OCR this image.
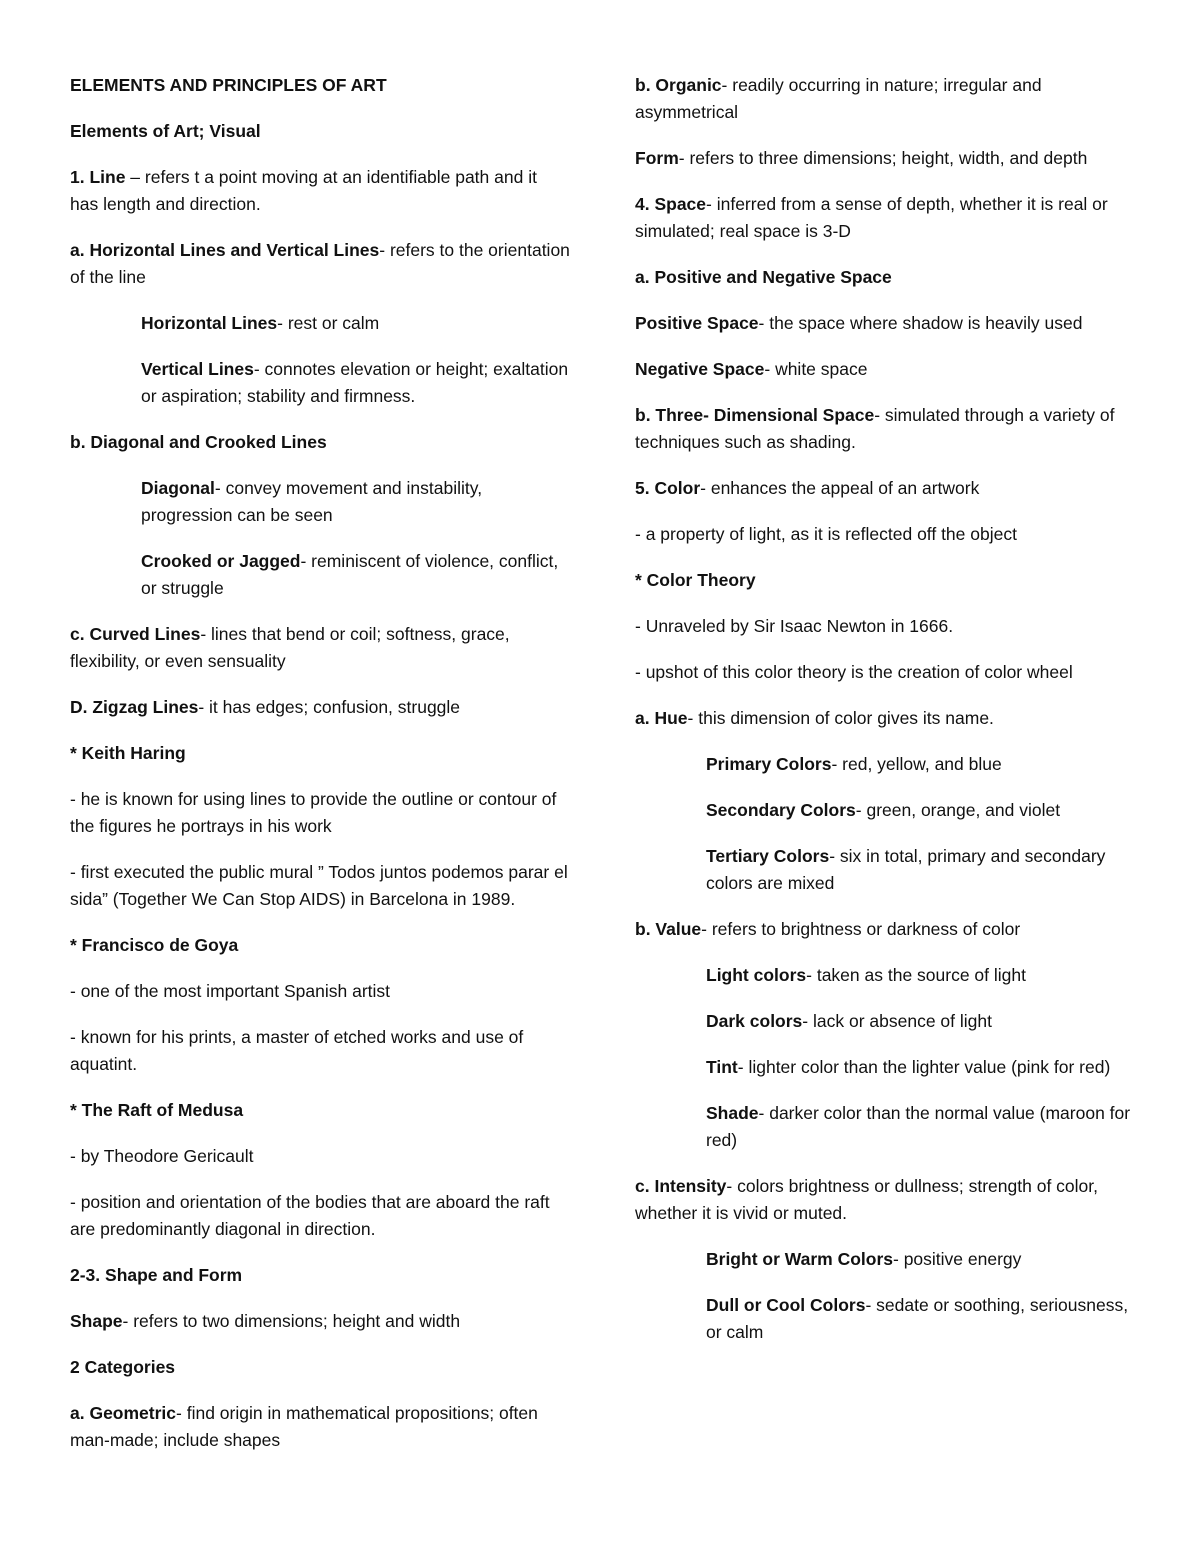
ELEMENTS AND PRINCIPLES OF ART

Elements of Art; Visual

1. Line – refers t a point moving at an identifiable path and it has length and direction.

a. Horizontal Lines and Vertical Lines- refers to the orientation of the line

Horizontal Lines- rest or calm

Vertical Lines- connotes elevation or height; exaltation or aspiration; stability and firmness.

b. Diagonal and Crooked Lines

Diagonal- convey movement and instability, progression can be seen

Crooked or Jagged- reminiscent of violence, conflict, or struggle

c. Curved Lines- lines that bend or coil; softness, grace, flexibility, or even sensuality

D. Zigzag Lines- it has edges; confusion, struggle

* Keith Haring

- he is known for using lines to provide the outline or contour of the figures he portrays in his work

- first executed the public mural ” Todos juntos podemos parar el sida” (Together We Can Stop AIDS) in Barcelona in 1989.

* Francisco de Goya

- one of the most important Spanish artist

- known for his prints, a master of etched works and use of aquatint.

* The Raft of Medusa

- by Theodore Gericault

- position and orientation of the bodies that are aboard the raft are predominantly diagonal in direction.

2-3. Shape and Form

Shape- refers to two dimensions; height and width

2 Categories

a. Geometric- find origin in mathematical propositions; often man-made; include shapes

b. Organic- readily occurring in nature; irregular and asymmetrical

Form- refers to three dimensions; height, width, and depth

4. Space- inferred from a sense of depth, whether it is real or simulated; real space is 3-D

a. Positive and Negative Space

Positive Space- the space where shadow is heavily used

Negative Space- white space

b. Three- Dimensional Space- simulated through a variety of techniques such as shading.

5. Color- enhances the appeal of an artwork

- a property of light, as it is reflected off the object

* Color Theory

- Unraveled by Sir Isaac Newton in 1666.

- upshot of this color theory is the creation of color wheel

a. Hue- this dimension of color gives its name.

Primary Colors- red, yellow, and blue

Secondary Colors- green, orange, and violet

Tertiary Colors- six in total, primary and secondary colors are mixed

b. Value- refers to brightness or darkness of color

Light colors- taken as the source of light

Dark colors- lack or absence of light

Tint- lighter color than the lighter value (pink for red)

Shade- darker color than the normal value (maroon for red)

c. Intensity- colors brightness or dullness; strength of color, whether it is vivid or muted.

Bright or Warm Colors- positive energy

Dull or Cool Colors- sedate or soothing, seriousness, or calm
